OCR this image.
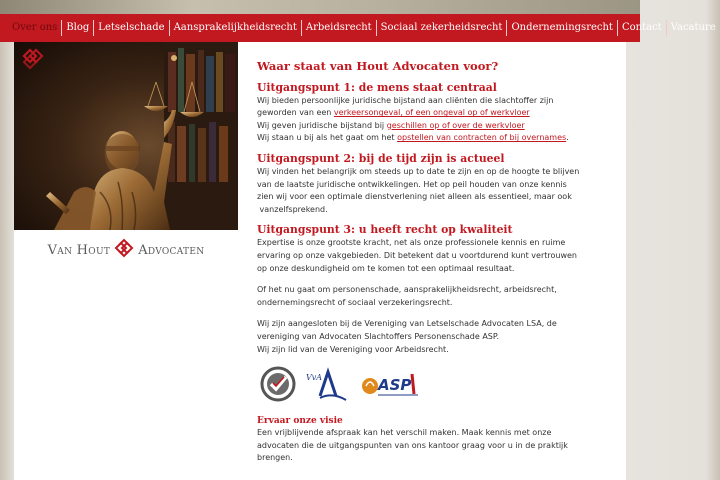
Over ons Blog Letselschade Aansprakelijkheidsrecht Arbeidsrecht Sociaal zekerheidsrecht Ondernemingsrecht Contact Vacature
Van Hout Advocaten
Waar staat van Hout Advocaten voor?
Uitgangspunt 1: de mens staat centraal

Wij bieden persoonlijke juridische bijstand aan cliënten die slachtoffer zijn

geworden van een verkeersongeval, of een ongeval op of werkvloer

Wij geven juridische bijstand bij geschillen op of over de werkvloer

Wij staan u bij als het gaat om het opstellen van contracten of bij overnames.

Uitgangspunt 2: bij de tijd zijn is actueel

Wij vinden het belangrijk om steeds up to date te zijn en op de hoogte te blijven

van de laatste juridische ontwikkelingen. Het op peil houden van onze kennis

zien wij voor een optimale dienstverlening niet alleen als essentieel, maar ook

vanzelfsprekend.

Uitgangspunt 3: u heeft recht op kwaliteit

Expertise is onze grootste kracht, net als onze professionele kennis en ruime

ervaring op onze vakgebieden. Dit betekent dat u voortdurend kunt vertrouwen

op onze deskundigheid om te komen tot een optimaal resultaat.

Of het nu gaat om personenschade, aansprakelijkheidsrecht, arbeidsrecht,

ondernemingsrecht of sociaal verzekeringsrecht.

Wij zijn aangesloten bij de Vereniging van Letselschade Advocaten LSA, de

vereniging van Advocaten Slachtoffers Personenschade ASP.

Wij zijn lid van de Vereniging voor Arbeidsrecht.

VvA	ASP
Ervaar onze visie

Een vrijblijvende afspraak kan het verschil maken. Maak kennis met onze

advocaten die de uitgangspunten van ons kantoor graag voor u in de praktijk

brengen.
